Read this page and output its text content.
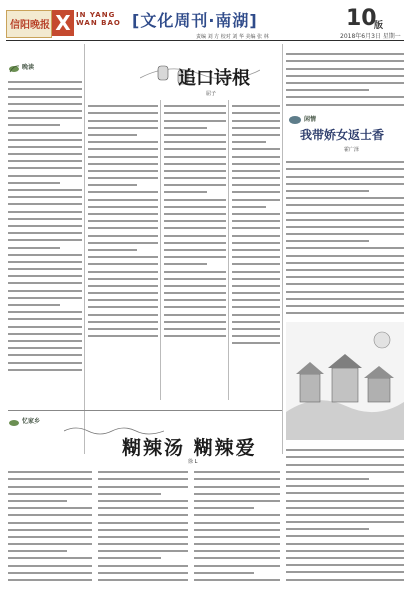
信阳晚报 X IN YANG
WAN BAO [文化周刊·南湖]	10
版
2018年6月3日 星期一
责编 刘 方 校对 刘 华 美编 张 林
晚读
追口诗根
屈子
闲情
我带娇女返士香
霍广泽
忆家乡
糊辣汤 糊辣爱
徐 L
